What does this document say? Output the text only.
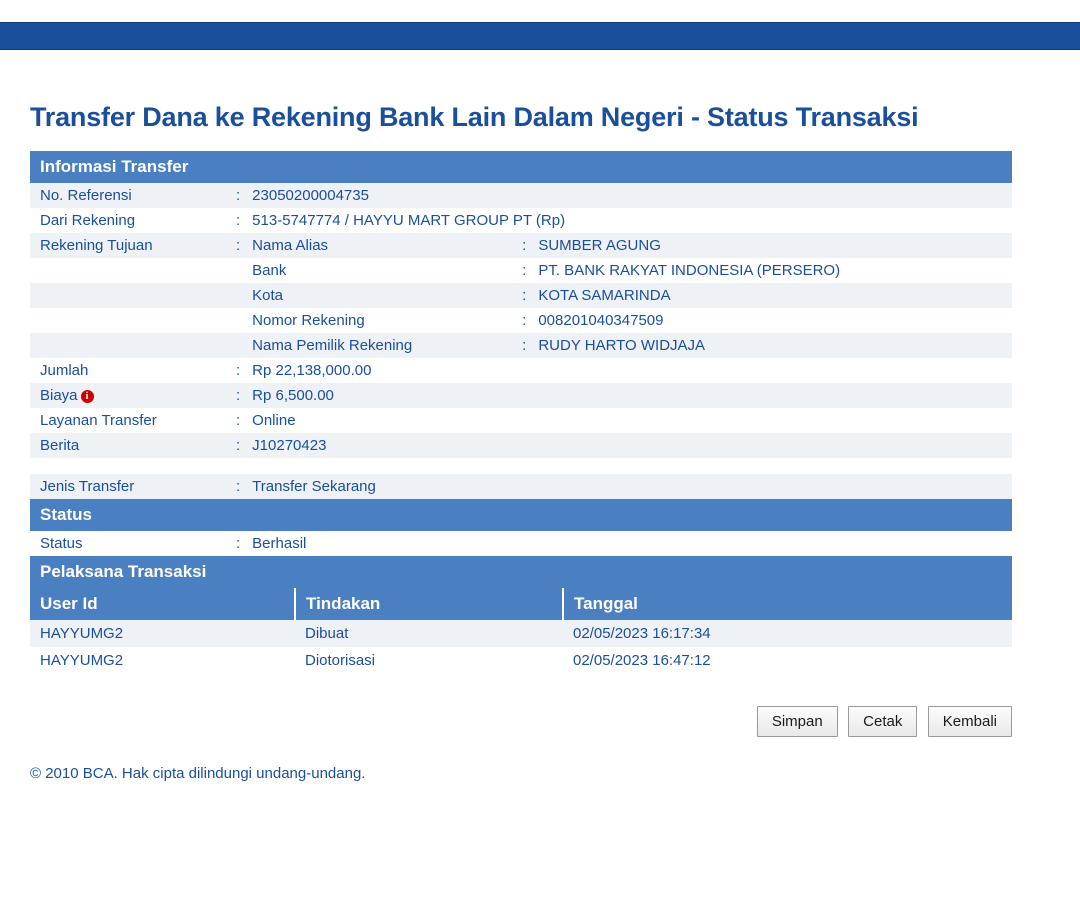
Transfer Dana ke Rekening Bank Lain Dalam Negeri - Status Transaksi
Informasi Transfer				
No. Referensi	:	23050200004735		
Dari Rekening	:	513-5747774 / HAYYU MART GROUP PT (Rp)		
Rekening Tujuan	:	Nama Alias	:	SUMBER AGUNG
		Bank	:	PT. BANK RAKYAT INDONESIA (PERSERO)
		Kota	:	KOTA SAMARINDA
		Nomor Rekening	:	008201040347509
		Nama Pemilik Rekening	:	RUDY HARTO WIDJAJA
Jumlah	:	Rp 22,138,000.00		
Biaya i	:	Rp 6,500.00		
Layanan Transfer	:	Online		
Berita	:	J10270423		

Jenis Transfer	:	Transfer Sekarang		
Status				
Status	:	Berhasil		
Pelaksana Transaksi				
User Id	Tindakan	Tanggal
HAYYUMG2	Dibuat	02/05/2023 16:17:34
HAYYUMG2	Diotorisasi	02/05/2023 16:47:12
Simpan	Cetak	Kembali
© 2010 BCA. Hak cipta dilindungi undang-undang.
